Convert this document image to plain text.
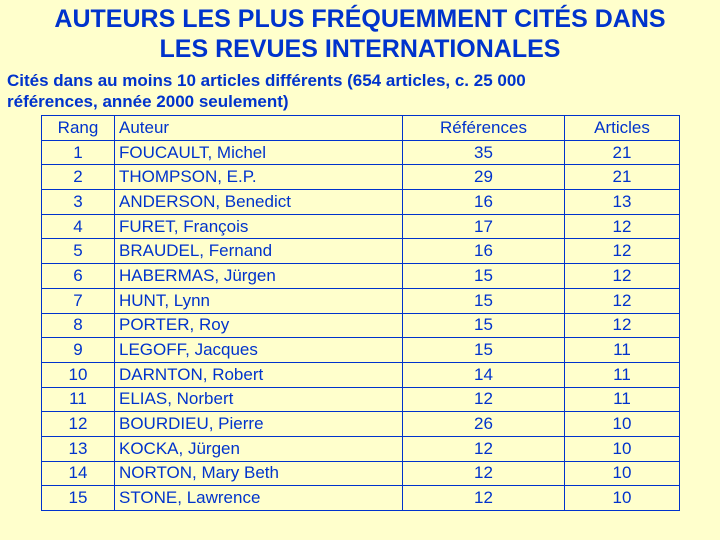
AUTEURS LES PLUS FRÉQUEMMENT CITÉS DANS
LES REVUES INTERNATIONALES

Cités dans au moins 10 articles différents (654 articles, c. 25 000
références, année 2000 seulement)

Rang	Auteur	Références	Articles
1	FOUCAULT, Michel	35	21
2	THOMPSON, E.P.	29	21
3	ANDERSON, Benedict	16	13
4	FURET, François	17	12
5	BRAUDEL, Fernand	16	12
6	HABERMAS, Jürgen	15	12
7	HUNT, Lynn	15	12
8	PORTER, Roy	15	12
9	LEGOFF, Jacques	15	11
10	DARNTON, Robert	14	11
11	ELIAS, Norbert	12	11
12	BOURDIEU, Pierre	26	10
13	KOCKA, Jürgen	12	10
14	NORTON, Mary Beth	12	10
15	STONE, Lawrence	12	10
